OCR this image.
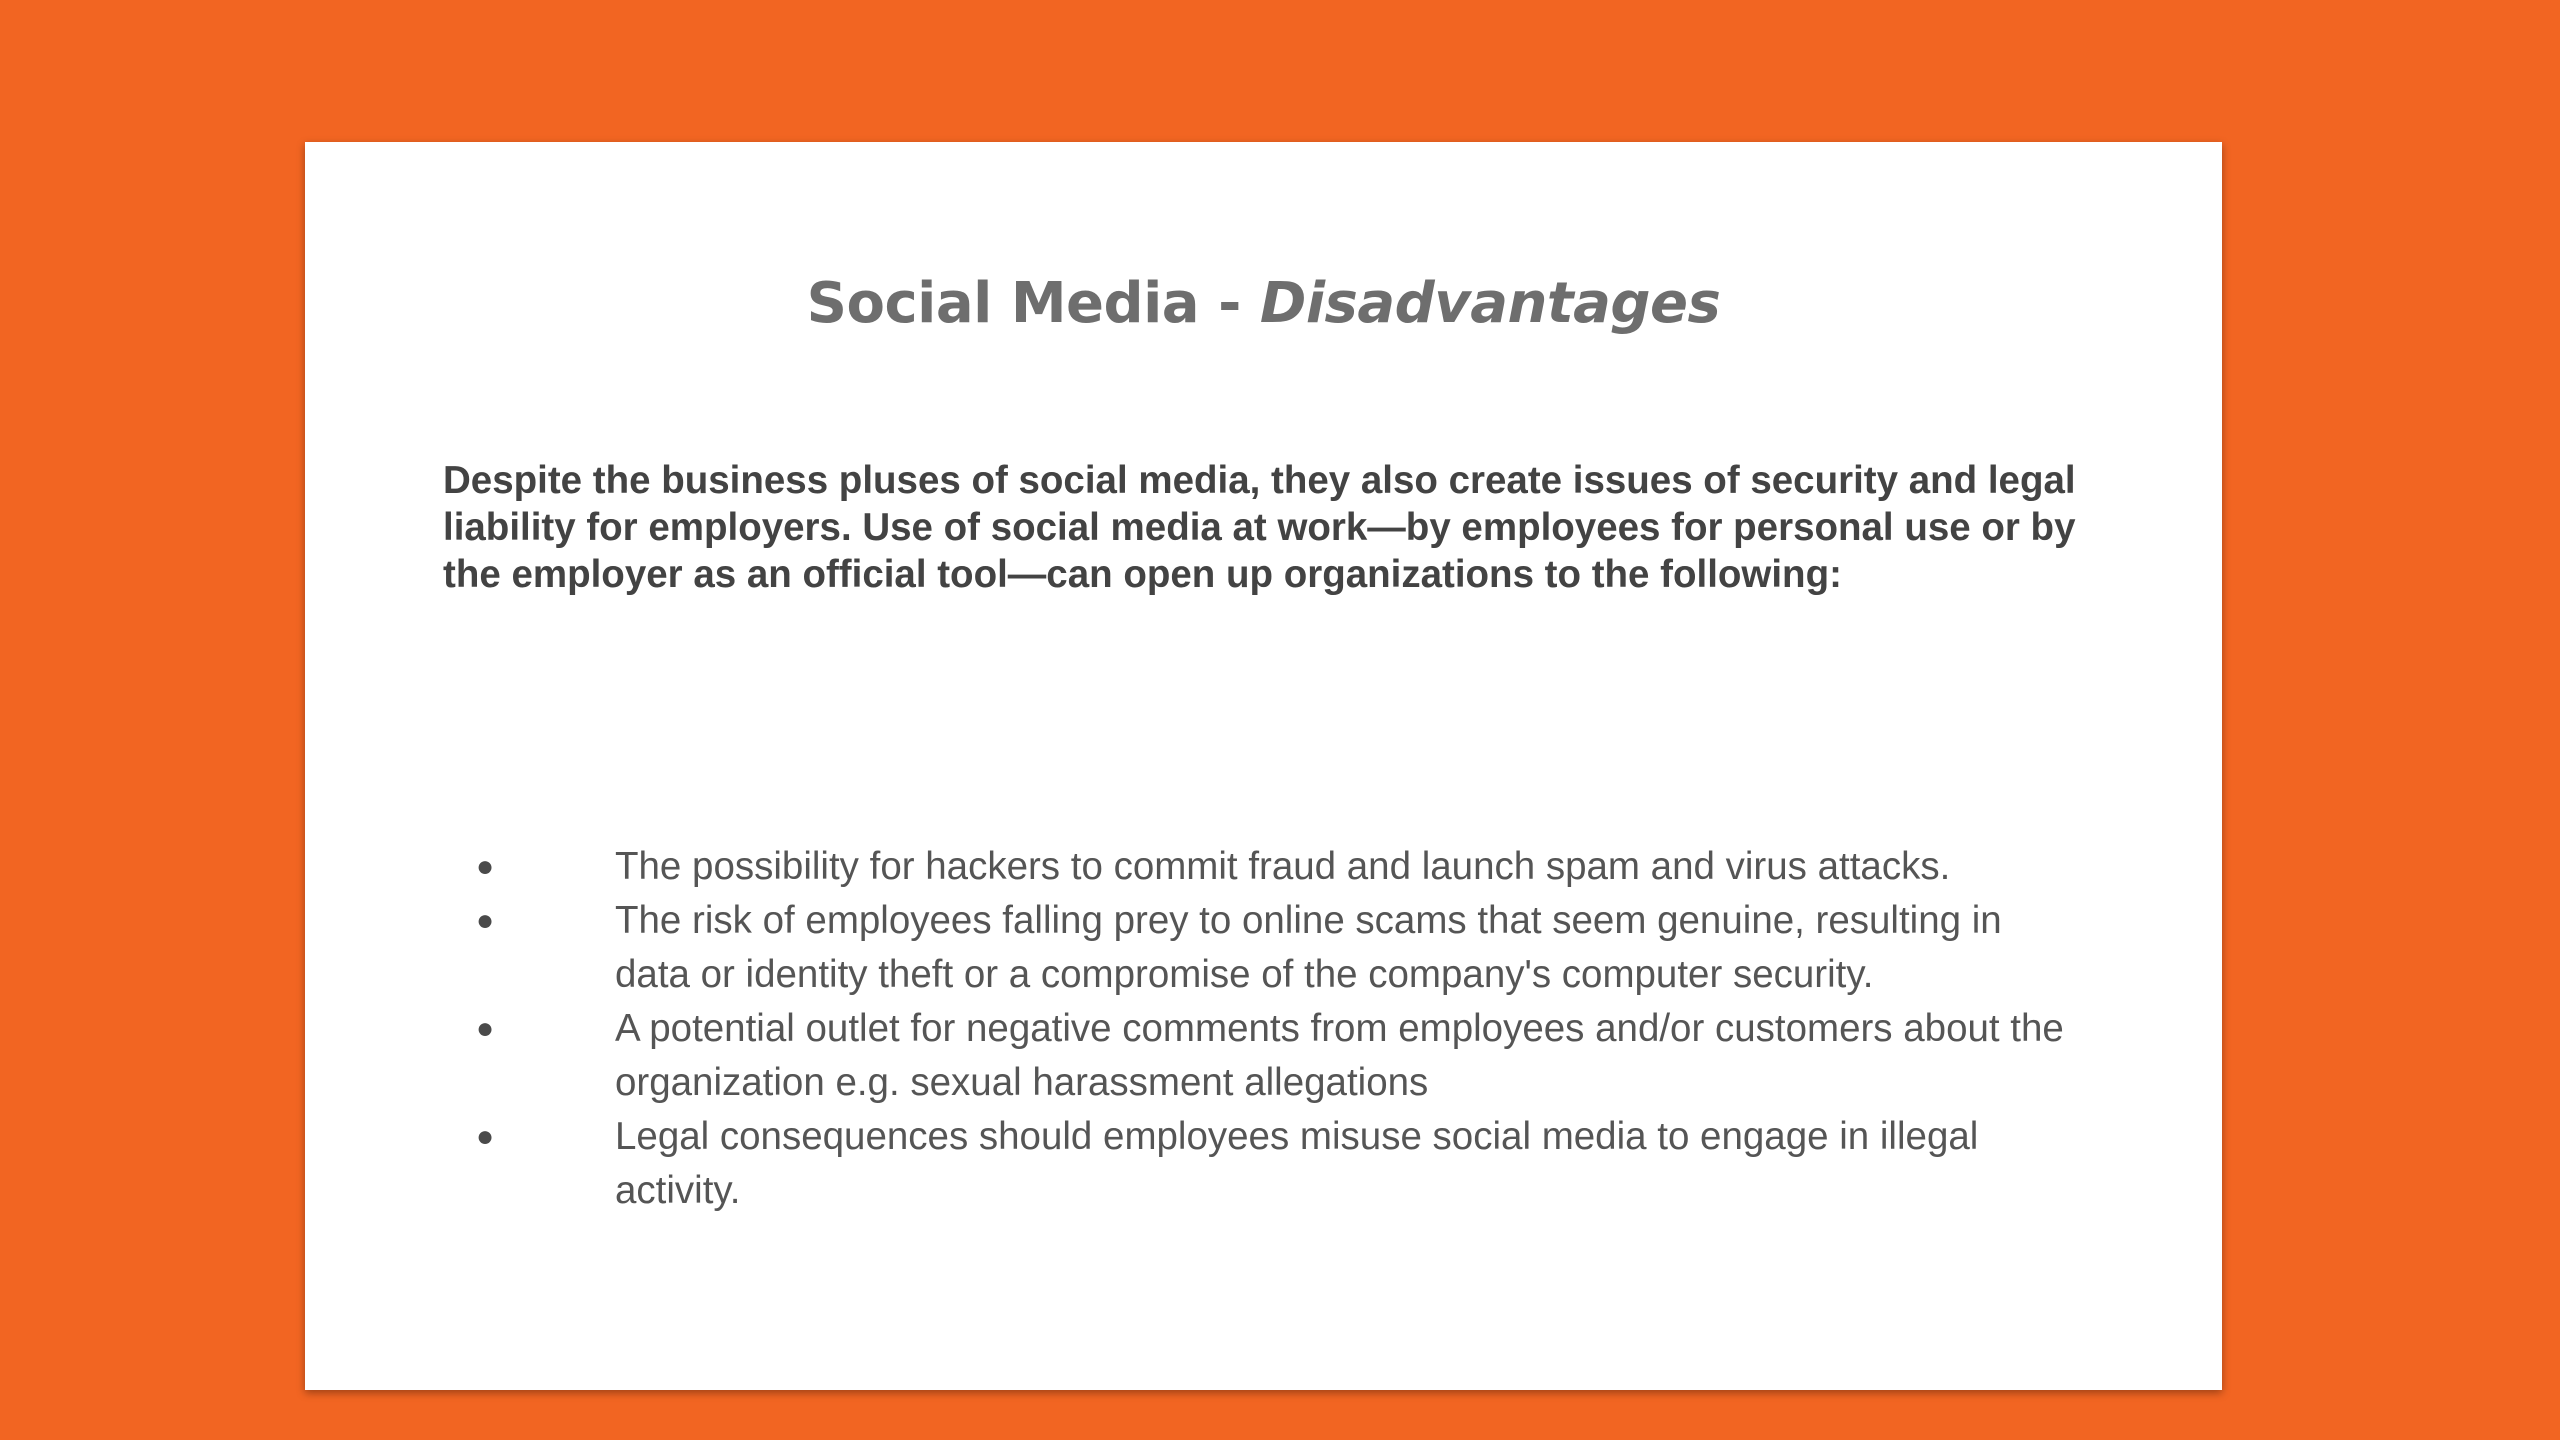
Social Media - Disadvantages

Despite the business pluses of social media, they also create issues of security and legal liability for employers. Use of social media at work—by employees for personal use or by the employer as an official tool—can open up organizations to the following:

●	The possibility for hackers to commit fraud and launch spam and virus attacks.
●	The risk of employees falling prey to online scams that seem genuine, resulting in data or identity theft or a compromise of the company's computer security.
●	A potential outlet for negative comments from employees and/or customers about the organization e.g. sexual harassment allegations
●	Legal consequences should employees misuse social media to engage in illegal activity.
